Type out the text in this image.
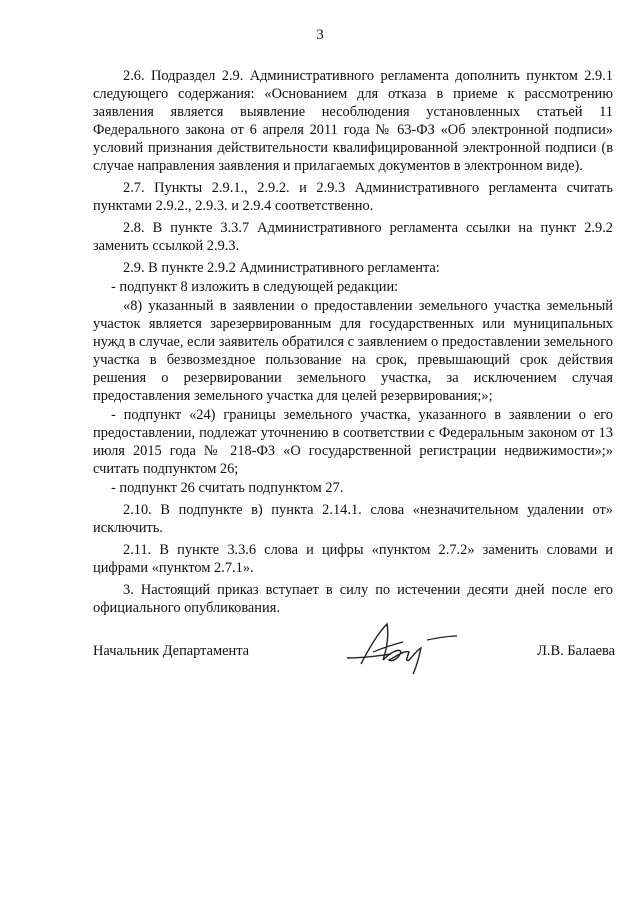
3

2.6. Подраздел 2.9. Административного регламента дополнить пунктом 2.9.1 следующего содержания: «Основанием для отказа в приеме к рассмотрению заявления является выявление несоблюдения установленных статьей 11 Федерального закона от 6 апреля 2011 года № 63-ФЗ «Об электронной подписи» условий признания действительности квалифицированной электронной подписи (в случае направления заявления и прилагаемых документов в электронном виде).

2.7. Пункты 2.9.1., 2.9.2. и 2.9.3 Административного регламента считать пунктами 2.9.2., 2.9.3. и 2.9.4 соответственно.

2.8. В пункте 3.3.7 Административного регламента ссылки на пункт 2.9.2 заменить ссылкой 2.9.3.

2.9. В пункте 2.9.2 Административного регламента:

- подпункт 8 изложить в следующей редакции:

«8) указанный в заявлении о предоставлении земельного участка земельный участок является зарезервированным для государственных или муниципальных нужд в случае, если заявитель обратился с заявлением о предоставлении земельного участка в безвозмездное пользование на срок, превышающий срок действия решения о резервировании земельного участка, за исключением случая предоставления земельного участка для целей резервирования;»;

- подпункт «24) границы земельного участка, указанного в заявлении о его предоставлении, подлежат уточнению в соответствии с Федеральным законом от 13 июля 2015 года № 218-ФЗ «О государственной регистрации недвижимости»;» считать подпунктом 26;

- подпункт 26 считать подпунктом 27.

2.10. В подпункте в) пункта 2.14.1. слова «незначительном удалении от» исключить.

2.11. В пункте 3.3.6 слова и цифры «пунктом 2.7.2» заменить словами и цифрами «пунктом 2.7.1».

3. Настоящий приказ вступает в силу по истечении десяти дней после его официального опубликования.

Начальник Департамента	Л.В. Балаева
